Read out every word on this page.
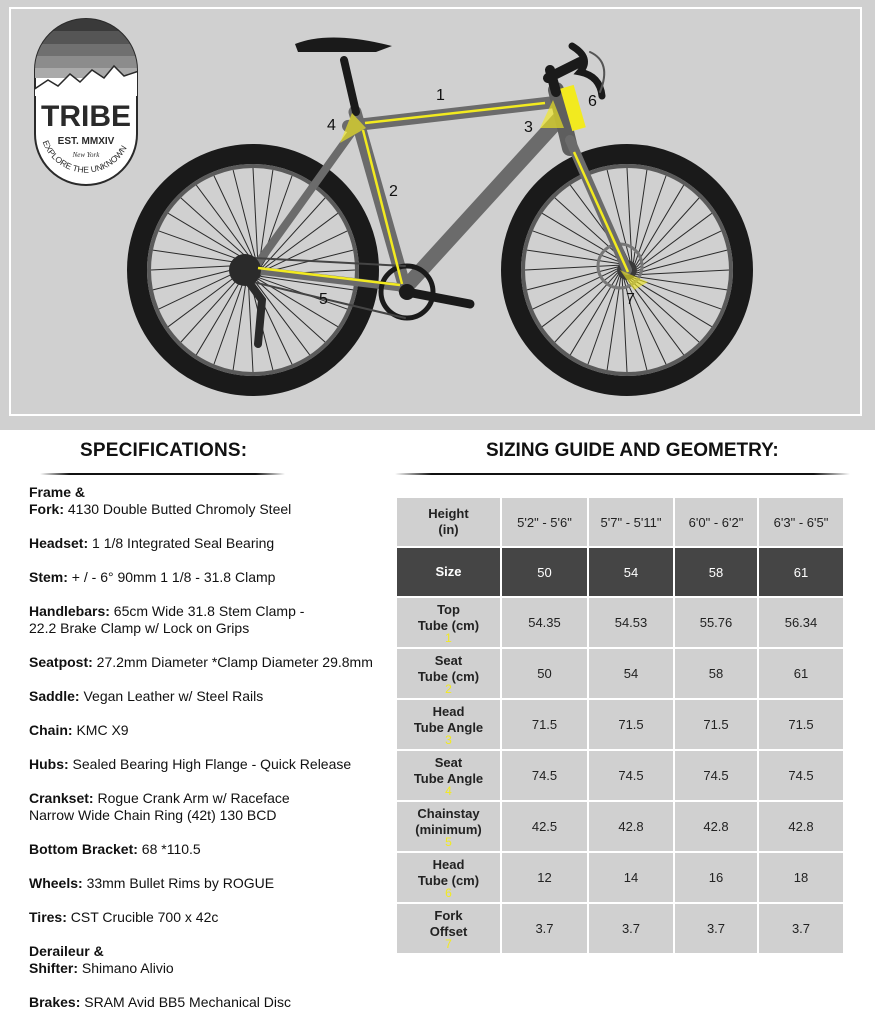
TRIBE
EST. MMXIV
New York
EXPLORE THE UNKNOWN
1
2
3
4
5
6
7
SPECIFICATIONS:
Frame &
Fork: 4130 Double Butted Chromoly Steel
Headset: 1 1/8 Integrated Seal Bearing
Stem: + / - 6° 90mm 1 1/8 - 31.8 Clamp
Handlebars: 65cm Wide 31.8 Stem Clamp -
22.2 Brake Clamp w/ Lock on Grips
Seatpost: 27.2mm Diameter *Clamp Diameter 29.8mm
Saddle: Vegan Leather w/ Steel Rails
Chain: KMC X9
Hubs: Sealed Bearing High Flange - Quick Release
Crankset: Rogue Crank Arm w/ Raceface
Narrow Wide Chain Ring (42t) 130 BCD
Bottom Bracket: 68 *110.5
Wheels: 33mm Bullet Rims by ROGUE
Tires: CST Crucible 700 x 42c
Deraileur &
Shifter: Shimano Alivio
Brakes: SRAM Avid BB5 Mechanical Disc
SIZING GUIDE AND GEOMETRY:
Height
(in)	5'2" - 5'6"	5'7" - 5'11"	6'0" - 6'2"	6'3" - 6'5"
Size	50	54	58	61
Top
Tube (cm)
1	54.35	54.53	55.76	56.34
Seat
Tube (cm)
2	50	54	58	61
Head
Tube Angle
3	71.5	71.5	71.5	71.5
Seat
Tube Angle
4	74.5	74.5	74.5	74.5
Chainstay
(minimum)
5	42.5	42.8	42.8	42.8
Head
Tube (cm)
6	12	14	16	18
Fork
Offset
7	3.7	3.7	3.7	3.7
